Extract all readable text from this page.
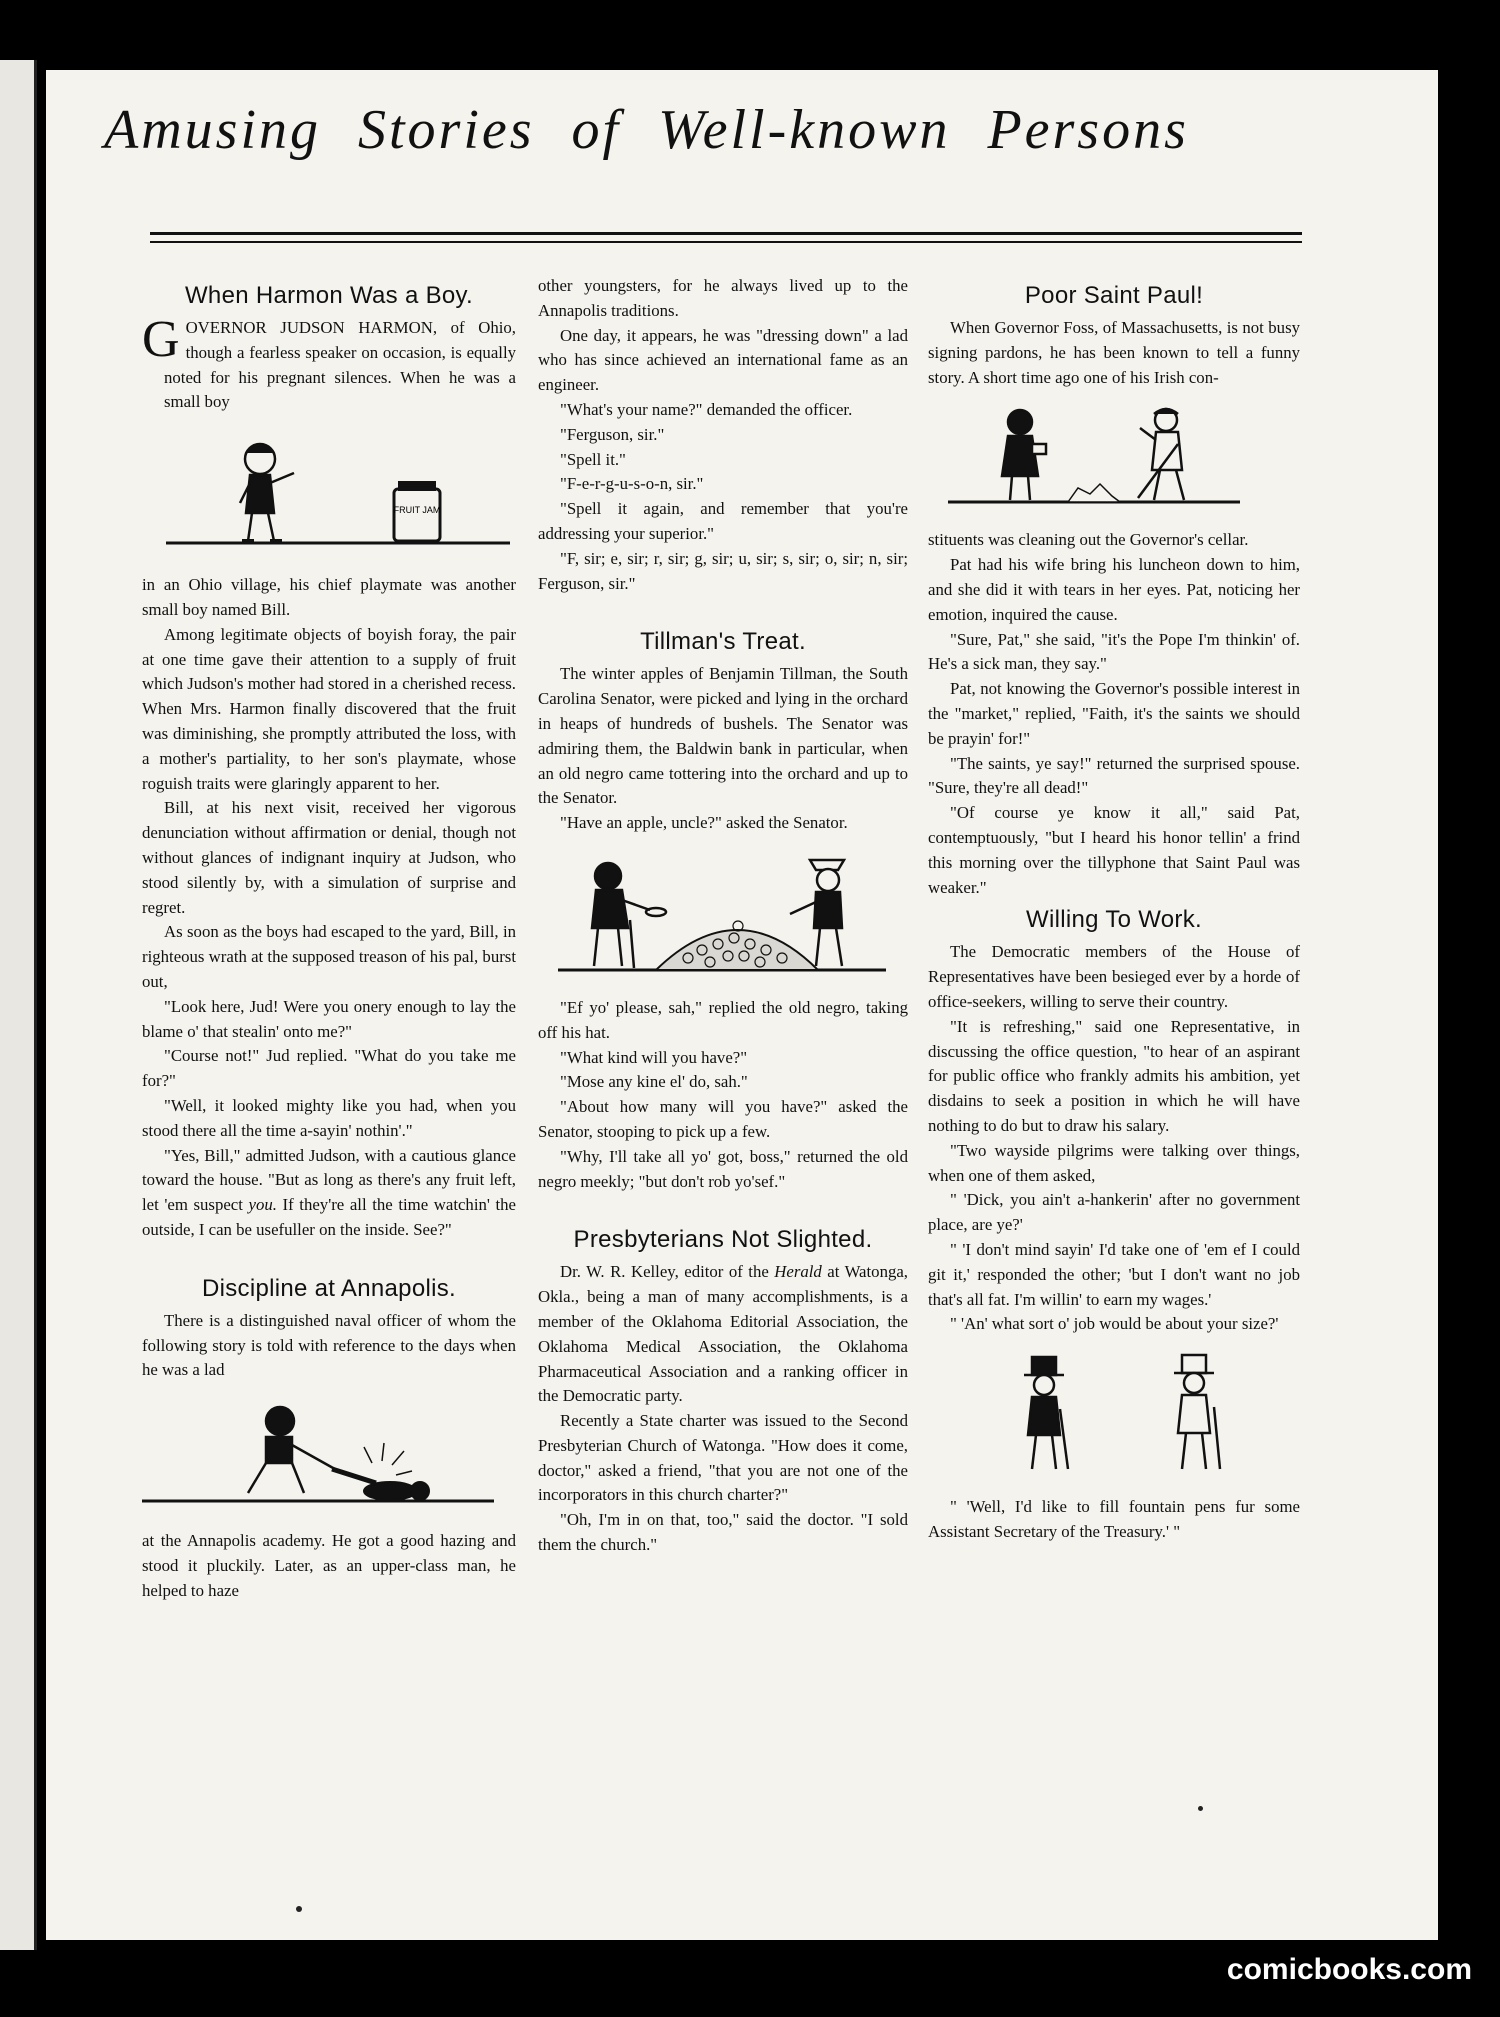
Amusing Stories of Well-known Persons
When Harmon Was a Boy.

GOVERNOR JUDSON HARMON, of Ohio, though a fearless speaker on occasion, is equally noted for his pregnant silences. When he was a small boy

FRUIT JAM

in an Ohio village, his chief playmate was another small boy named Bill.

Among legitimate objects of boyish foray, the pair at one time gave their attention to a supply of fruit which Judson's mother had stored in a cherished recess. When Mrs. Harmon finally discovered that the fruit was diminishing, she promptly attributed the loss, with a mother's partiality, to her son's playmate, whose roguish traits were glaringly apparent to her.

Bill, at his next visit, received her vigorous denunciation without affirmation or denial, though not without glances of indignant inquiry at Judson, who stood silently by, with a simulation of surprise and regret.

As soon as the boys had escaped to the yard, Bill, in righteous wrath at the supposed treason of his pal, burst out,

"Look here, Jud! Were you onery enough to lay the blame o' that stealin' onto me?"

"Course not!" Jud replied. "What do you take me for?"

"Well, it looked mighty like you had, when you stood there all the time a-sayin' nothin'."

"Yes, Bill," admitted Judson, with a cautious glance toward the house. "But as long as there's any fruit left, let 'em suspect you. If they're all the time watchin' the outside, I can be usefuller on the inside. See?"

Discipline at Annapolis.

There is a distinguished naval officer of whom the following story is told with reference to the days when he was a lad

at the Annapolis academy. He got a good hazing and stood it pluckily. Later, as an upper-class man, he helped to haze

other youngsters, for he always lived up to the Annapolis traditions.

One day, it appears, he was "dressing down" a lad who has since achieved an international fame as an engineer.

"What's your name?" demanded the officer.

"Ferguson, sir."

"Spell it."

"F-e-r-g-u-s-o-n, sir."

"Spell it again, and remember that you're addressing your superior."

"F, sir; e, sir; r, sir; g, sir; u, sir; s, sir; o, sir; n, sir; Ferguson, sir."

Tillman's Treat.

The winter apples of Benjamin Tillman, the South Carolina Senator, were picked and lying in the orchard in heaps of hundreds of bushels. The Senator was admiring them, the Baldwin bank in particular, when an old negro came tottering into the orchard and up to the Senator.

"Have an apple, uncle?" asked the Senator.

"Ef yo' please, sah," replied the old negro, taking off his hat.

"What kind will you have?"

"Mose any kine el' do, sah."

"About how many will you have?" asked the Senator, stooping to pick up a few.

"Why, I'll take all yo' got, boss," returned the old negro meekly; "but don't rob yo'sef."

Presbyterians Not Slighted.

Dr. W. R. Kelley, editor of the Herald at Watonga, Okla., being a man of many accomplishments, is a member of the Oklahoma Editorial Association, the Oklahoma Medical Association, the Oklahoma Pharmaceutical Association and a ranking officer in the Democratic party.

Recently a State charter was issued to the Second Presbyterian Church of Watonga. "How does it come, doctor," asked a friend, "that you are not one of the incorporators in this church charter?"

"Oh, I'm in on that, too," said the doctor. "I sold them the church."

Poor Saint Paul!

When Governor Foss, of Massachusetts, is not busy signing pardons, he has been known to tell a funny story. A short time ago one of his Irish con-

stituents was cleaning out the Governor's cellar.

Pat had his wife bring his luncheon down to him, and she did it with tears in her eyes. Pat, noticing her emotion, inquired the cause.

"Sure, Pat," she said, "it's the Pope I'm thinkin' of. He's a sick man, they say."

Pat, not knowing the Governor's possible interest in the "market," replied, "Faith, it's the saints we should be prayin' for!"

"The saints, ye say!" returned the surprised spouse. "Sure, they're all dead!"

"Of course ye know it all," said Pat, contemptuously, "but I heard his honor tellin' a frind this morning over the tillyphone that Saint Paul was weaker."

Willing To Work.

The Democratic members of the House of Representatives have been besieged ever by a horde of office-seekers, willing to serve their country.

"It is refreshing," said one Representative, in discussing the office question, "to hear of an aspirant for public office who frankly admits his ambition, yet disdains to seek a position in which he will have nothing to do but to draw his salary.

"Two wayside pilgrims were talking over things, when one of them asked,

" 'Dick, you ain't a-hankerin' after no government place, are ye?'

" 'I don't mind sayin' I'd take one of 'em ef I could git it,' responded the other; 'but I don't want no job that's all fat. I'm willin' to earn my wages.'

" 'An' what sort o' job would be about your size?'

" 'Well, I'd like to fill fountain pens fur some Assistant Secretary of the Treasury.' "

comicbooks.com
